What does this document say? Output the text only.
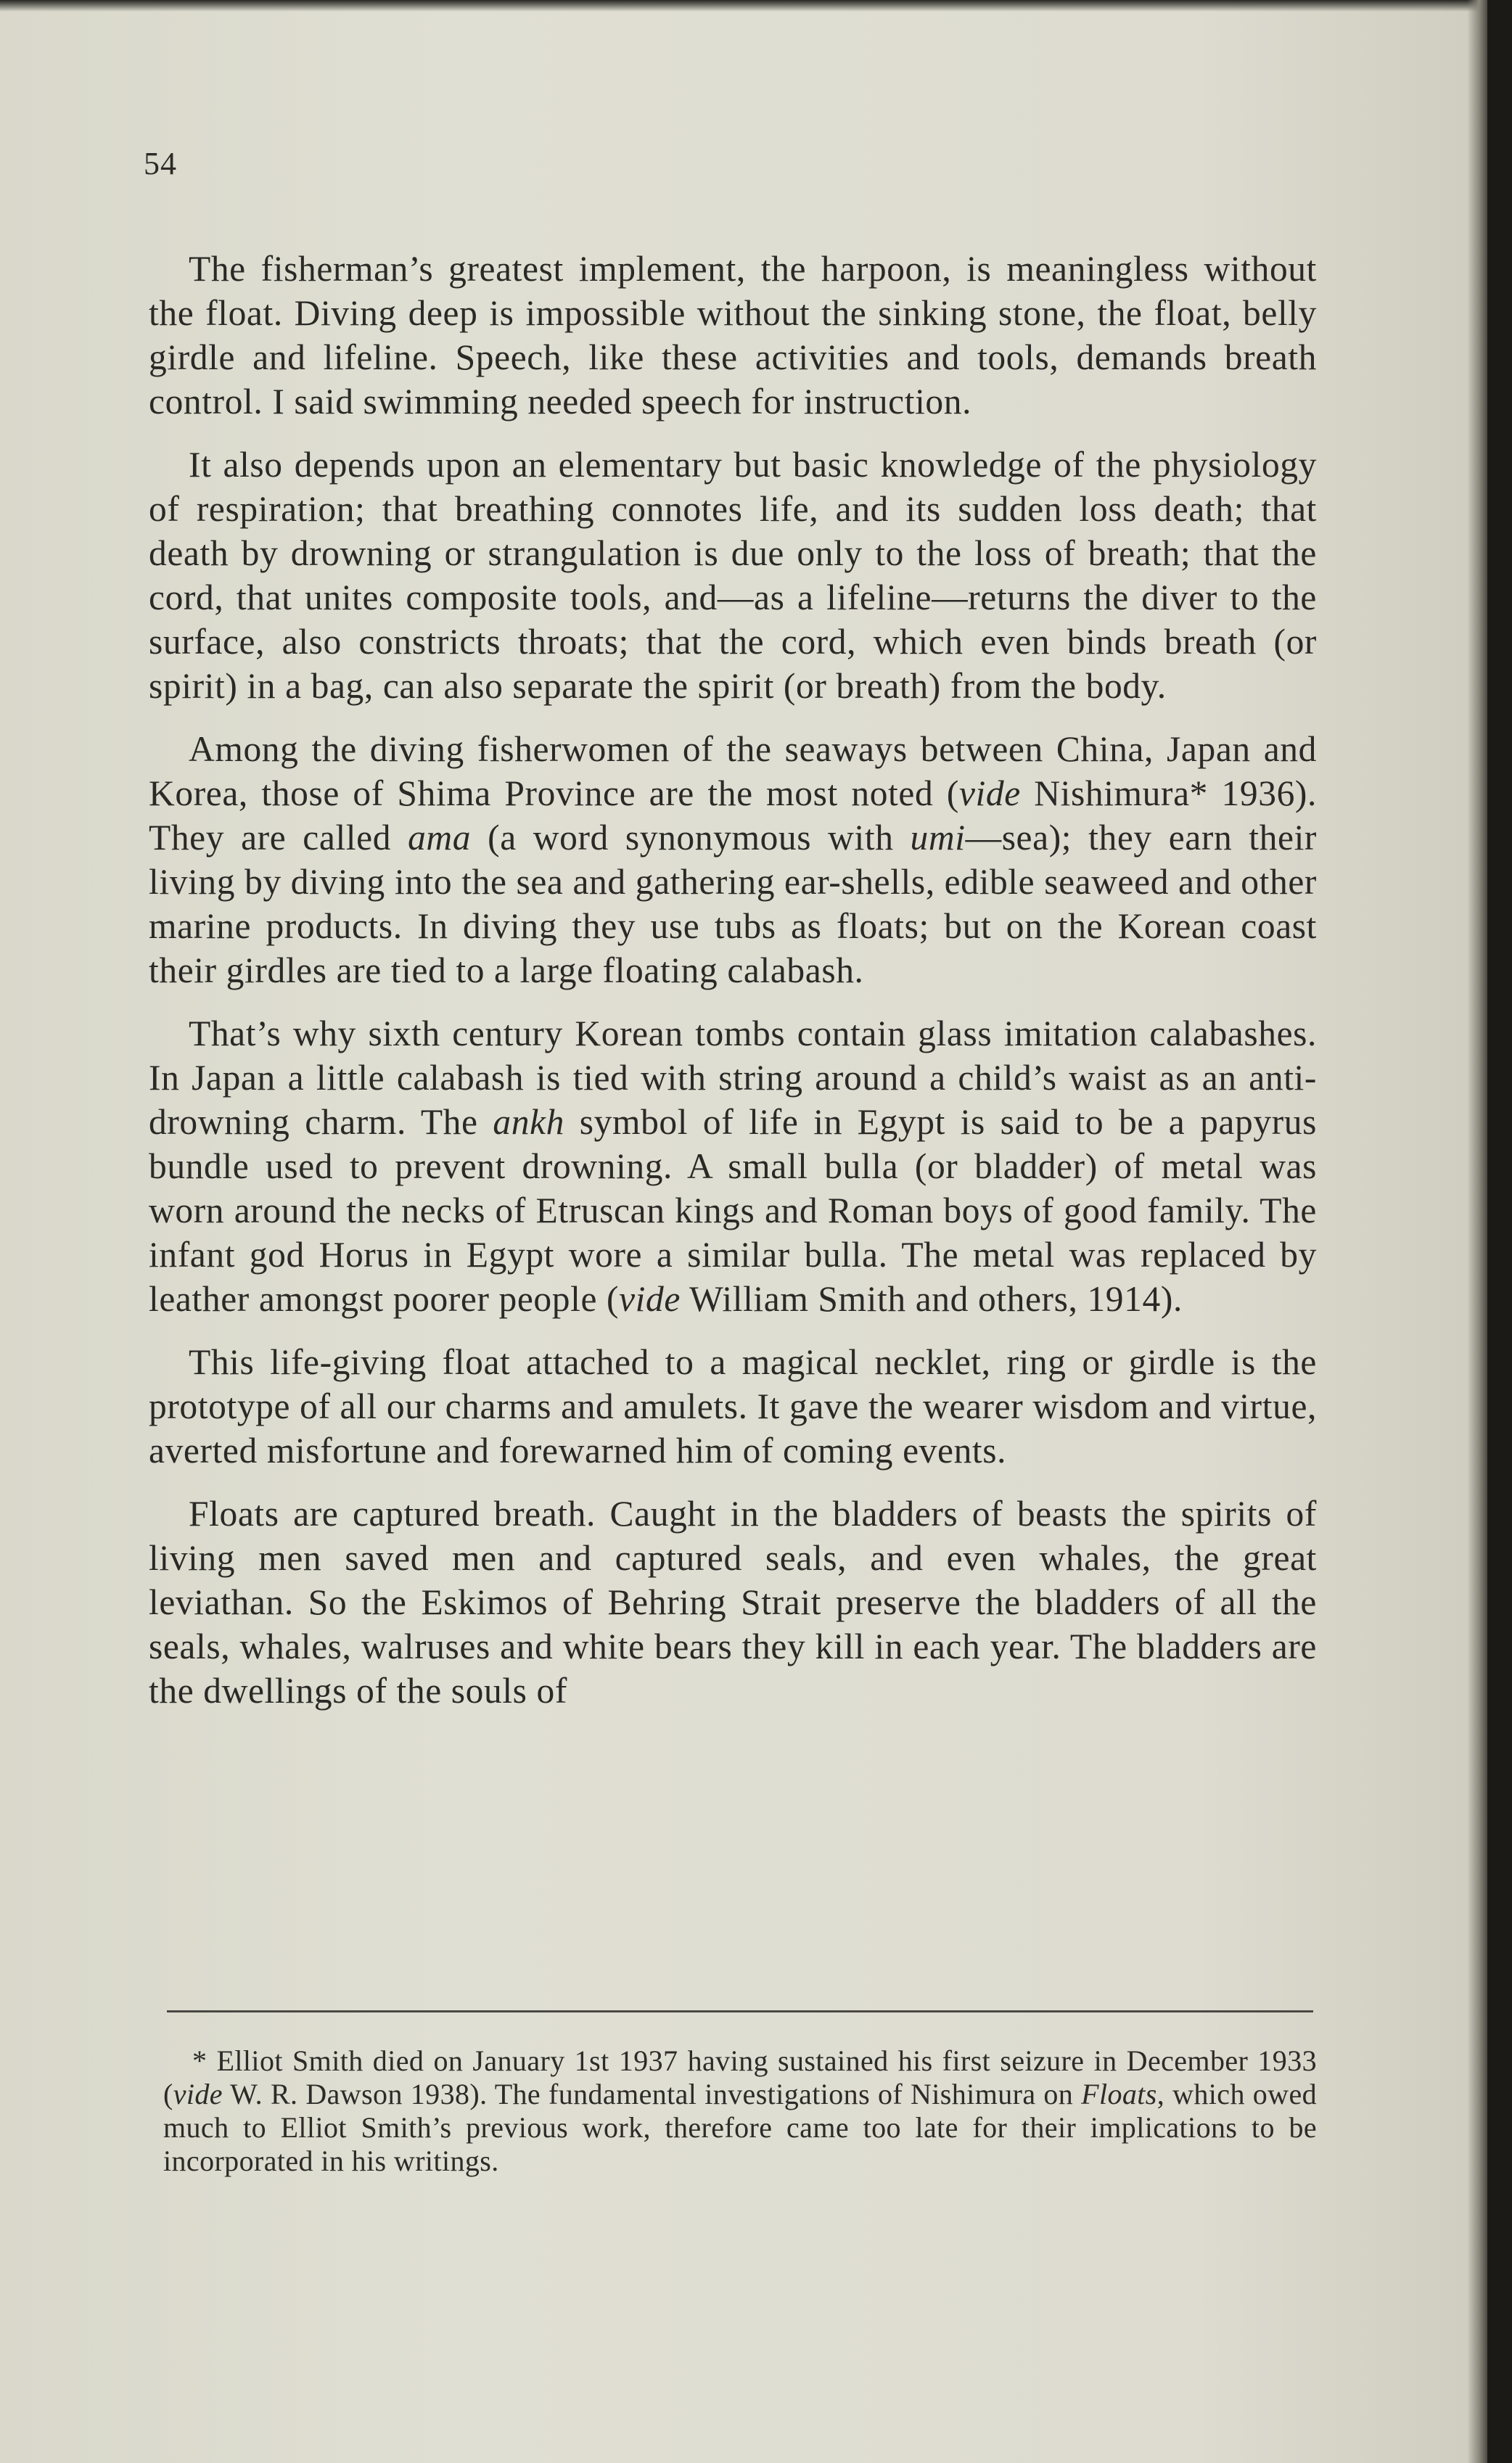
54

The fisherman’s greatest implement, the harpoon, is meaningless without the float. Diving deep is impossible without the sinking stone, the float, belly girdle and lifeline. Speech, like these activities and tools, demands breath control. I said swimming needed speech for instruction.

It also depends upon an elementary but basic knowledge of the physiology of respiration; that breathing connotes life, and its sudden loss death; that death by drowning or strangulation is due only to the loss of breath; that the cord, that unites composite tools, and—as a lifeline—returns the diver to the surface, also constricts throats; that the cord, which even binds breath (or spirit) in a bag, can also separate the spirit (or breath) from the body.

Among the diving fisherwomen of the seaways between China, Japan and Korea, those of Shima Province are the most noted (vide Nishimura* 1936). They are called ama (a word synonymous with umi—sea); they earn their living by diving into the sea and gathering ear-shells, edible seaweed and other marine products. In diving they use tubs as floats; but on the Korean coast their girdles are tied to a large floating calabash.

That’s why sixth century Korean tombs contain glass imitation calabashes. In Japan a little calabash is tied with string around a child’s waist as an anti-drowning charm. The ankh symbol of life in Egypt is said to be a papyrus bundle used to prevent drowning. A small bulla (or bladder) of metal was worn around the necks of Etruscan kings and Roman boys of good family. The infant god Horus in Egypt wore a similar bulla. The metal was replaced by leather amongst poorer people (vide William Smith and others, 1914).

This life-giving float attached to a magical necklet, ring or girdle is the prototype of all our charms and amulets. It gave the wearer wisdom and virtue, averted misfortune and forewarned him of coming events.

Floats are captured breath. Caught in the bladders of beasts the spirits of living men saved men and captured seals, and even whales, the great leviathan. So the Eskimos of Behring Strait preserve the bladders of all the seals, whales, walruses and white bears they kill in each year. The bladders are the dwellings of the souls of

* Elliot Smith died on January 1st 1937 having sustained his first seizure in December 1933 (vide W. R. Dawson 1938). The fundamental investigations of Nishimura on Floats, which owed much to Elliot Smith’s previous work, therefore came too late for their implications to be incorporated in his writings.
